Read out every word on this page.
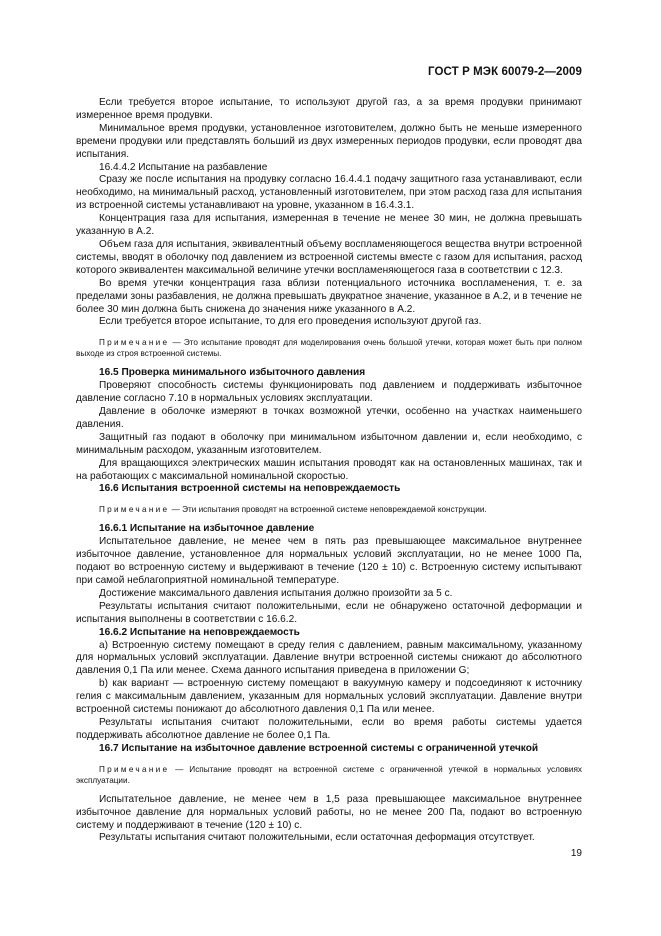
ГОСТ Р МЭК 60079-2—2009

Если требуется второе испытание, то используют другой газ, а за время продувки принимают измеренное время продувки.

Минимальное время продувки, установленное изготовителем, должно быть не меньше измеренного времени продувки или представлять больший из двух измеренных периодов продувки, если проводят два испытания.

16.4.4.2 Испытание на разбавление

Сразу же после испытания на продувку согласно 16.4.4.1 подачу защитного газа устанавливают, если необходимо, на минимальный расход, установленный изготовителем, при этом расход газа для испытания из встроенной системы устанавливают на уровне, указанном в 16.4.3.1.

Концентрация газа для испытания, измеренная в течение не менее 30 мин, не должна превышать указанную в А.2.

Объем газа для испытания, эквивалентный объему воспламеняющегося вещества внутри встроенной системы, вводят в оболочку под давлением из встроенной системы вместе с газом для испытания, расход которого эквивалентен максимальной величине утечки воспламеняющегося газа в соответствии с 12.3.

Во время утечки концентрация газа вблизи потенциального источника воспламенения, т. е. за пределами зоны разбавления, не должна превышать двукратное значение, указанное в А.2, и в течение не более 30 мин должна быть снижена до значения ниже указанного в А.2.

Если требуется второе испытание, то для его проведения используют другой газ.

Примечание — Это испытание проводят для моделирования очень большой утечки, которая может быть при полном выходе из строя встроенной системы.
16.5 Проверка минимального избыточного давления

Проверяют способность системы функционировать под давлением и поддерживать избыточное давление согласно 7.10 в нормальных условиях эксплуатации.

Давление в оболочке измеряют в точках возможной утечки, особенно на участках наименьшего давления.

Защитный газ подают в оболочку при минимальном избыточном давлении и, если необходимо, с минимальным расходом, указанным изготовителем.

Для вращающихся электрических машин испытания проводят как на остановленных машинах, так и на работающих с максимальной номинальной скоростью.

16.6 Испытания встроенной системы на неповреждаемость
Примечание — Эти испытания проводят на встроенной системе неповреждаемой конструкции.
16.6.1 Испытание на избыточное давление

Испытательное давление, не менее чем в пять раз превышающее максимальное внутреннее избыточное давление, установленное для нормальных условий эксплуатации, но не менее 1000 Па, подают во встроенную систему и выдерживают в течение (120 ± 10) с. Встроенную систему испытывают при самой неблагоприятной номинальной температуре.

Достижение максимального давления испытания должно произойти за 5 с.

Результаты испытания считают положительными, если не обнаружено остаточной деформации и испытания выполнены в соответствии с 16.6.2.

16.6.2 Испытание на неповреждаемость

а) Встроенную систему помещают в среду гелия с давлением, равным максимальному, указанному для нормальных условий эксплуатации. Давление внутри встроенной системы снижают до абсолютного давления 0,1 Па или менее. Схема данного испытания приведена в приложении G;

b) как вариант — встроенную систему помещают в вакуумную камеру и подсоединяют к источнику гелия с максимальным давлением, указанным для нормальных условий эксплуатации. Давление внутри встроенной системы понижают до абсолютного давления 0,1 Па или менее.

Результаты испытания считают положительными, если во время работы системы удается поддерживать абсолютное давление не более 0,1 Па.

16.7 Испытание на избыточное давление встроенной системы с ограниченной утечкой
Примечание — Испытание проводят на встроенной системе с ограниченной утечкой в нормальных условиях эксплуатации.

Испытательное давление, не менее чем в 1,5 раза превышающее максимальное внутреннее избыточное давление для нормальных условий работы, но не менее 200 Па, подают во встроенную систему и поддерживают в течение (120 ± 10) с.

Результаты испытания считают положительными, если остаточная деформация отсутствует.

19
